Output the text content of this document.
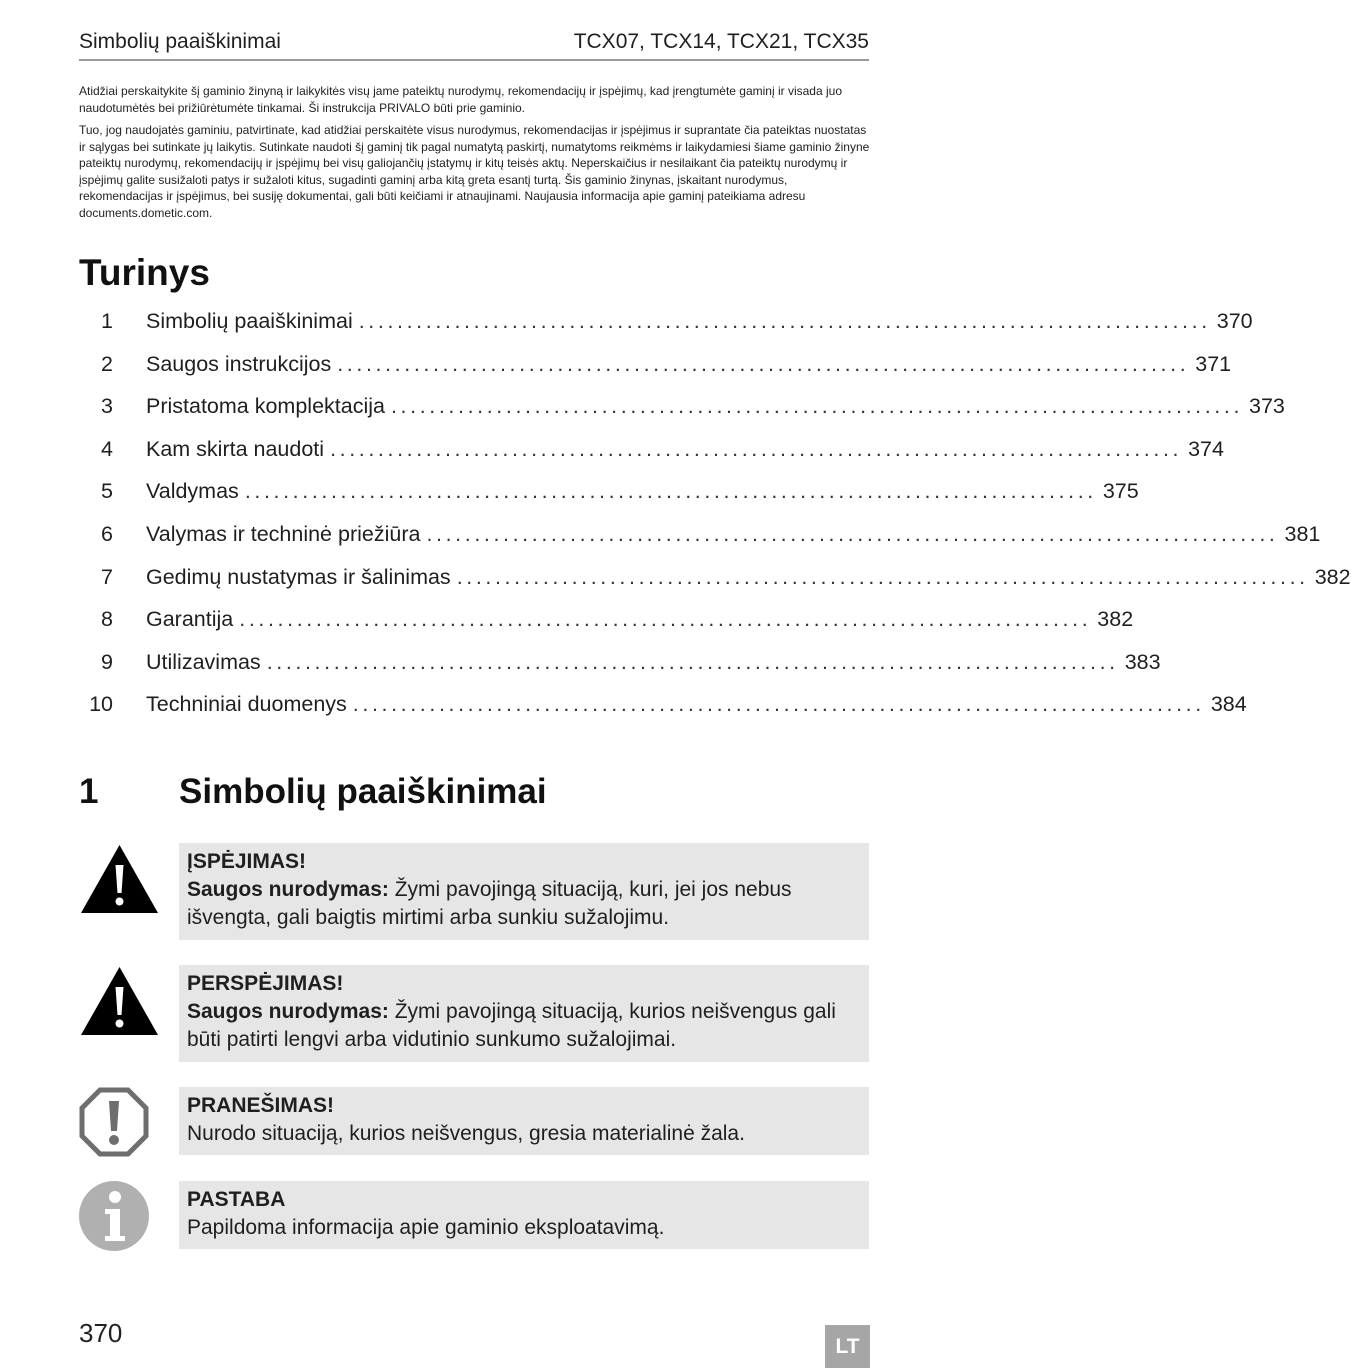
Simbolių paaiškinimai	TCX07, TCX14, TCX21, TCX35

Atidžiai perskaitykite šį gaminio žinyną ir laikykitės visų jame pateiktų nurodymų, rekomendacijų ir įspėjimų, kad įrengtumėte gaminį ir visada juo naudotumėtės bei prižiūrėtumėte tinkamai. Ši instrukcija PRIVALO būti prie gaminio.

Tuo, jog naudojatės gaminiu, patvirtinate, kad atidžiai perskaitėte visus nurodymus, rekomendacijas ir įspėjimus ir suprantate čia pateiktas nuostatas ir sąlygas bei sutinkate jų laikytis. Sutinkate naudoti šį gaminį tik pagal numatytą paskirtį, numatytoms reikmėms ir laikydamiesi šiame gaminio žinyne pateiktų nurodymų, rekomendacijų ir įspėjimų bei visų galiojančių įstatymų ir kitų teisės aktų. Neperskaičius ir nesilaikant čia pateiktų nurodymų ir įspėjimų galite susižaloti patys ir sužaloti kitus, sugadinti gaminį arba kitą greta esantį turtą. Šis gaminio žinynas, įskaitant nurodymus, rekomendacijas ir įspėjimus, bei susiję dokumentai, gali būti keičiami ir atnaujinami. Naujausia informacija apie gaminį pateikiama adresu documents.dometic.com.

Turinys
1 Simbolių paaiškinimai ......................................................................................... 370
2 Saugos instrukcijos ......................................................................................... 371
3 Pristatoma komplektacija ......................................................................................... 373
4 Kam skirta naudoti ......................................................................................... 374
5 Valdymas ......................................................................................... 375
6 Valymas ir techninė priežiūra ......................................................................................... 381
7 Gedimų nustatymas ir šalinimas ......................................................................................... 382
8 Garantija ......................................................................................... 382
9 Utilizavimas ......................................................................................... 383
10 Techniniai duomenys ......................................................................................... 384
1	Simbolių paaiškinimai
ĮSPĖJIMAS!
Saugos nurodymas: Žymi pavojingą situaciją, kuri, jei jos nebus išvengta, gali baigtis mirtimi arba sunkiu sužalojimu.
PERSPĖJIMAS!
Saugos nurodymas: Žymi pavojingą situaciją, kurios neišvengus gali būti patirti lengvi arba vidutinio sunkumo sužalojimai.
PRANEŠIMAS!
Nurodo situaciją, kurios neišvengus, gresia materialinė žala.
PASTABA
Papildoma informacija apie gaminio eksploatavimą.
370	LT
